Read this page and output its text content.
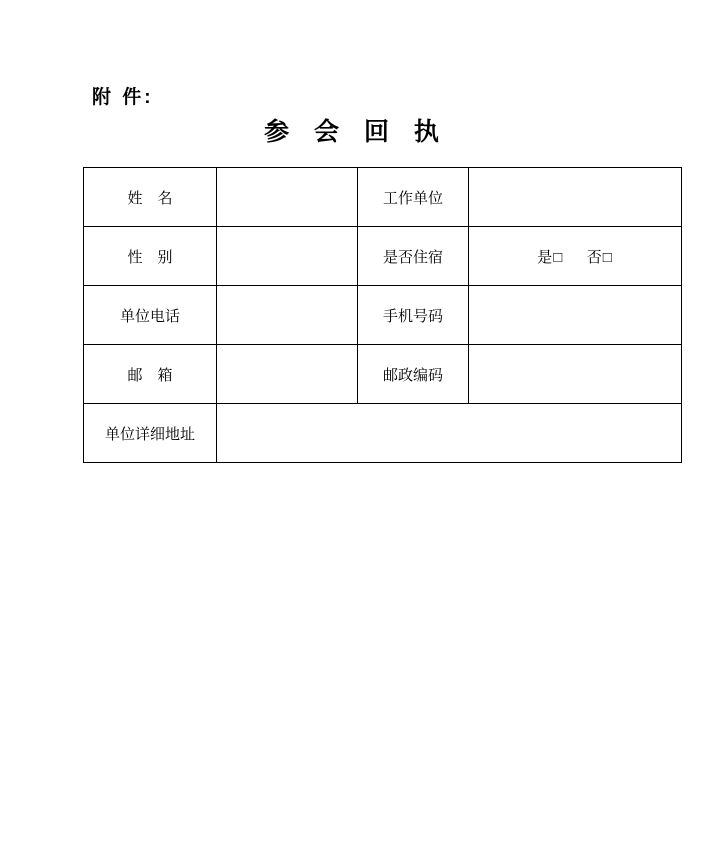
附 件:
参 会 回 执
姓　名		工作单位	
性　别		是否住宿	是□ 否□
单位电话		手机号码	
邮　箱		邮政编码	
单位详细地址			
